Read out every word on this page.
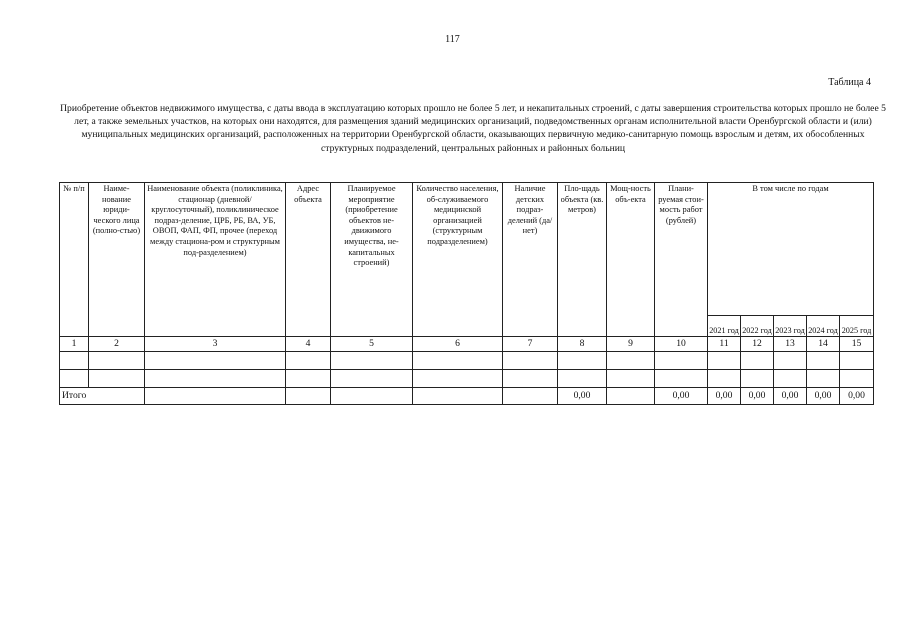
117
Таблица 4
Приобретение объектов недвижимого имущества, с даты ввода в эксплуатацию которых прошло не более 5 лет, и некапитальных строений, с даты завершения строительства которых прошло не более 5 лет, а также земельных участков, на которых они находятся, для размещения зданий медицинских организаций, подведомственных органам исполнительной власти Оренбургской области и (или) муниципальных медицинских организаций, расположенных на территории Оренбургской области, оказывающих первичную медико-санитарную помощь взрослым и детям, их обособленных структурных подразделений, центральных районных и районных больниц
№ п/п	Наиме-нование юриди-ческого лица (полно-стью)	Наименование объекта (поликлиника, стационар (дневной/круглосуточный), поликлиническое подраз-деление, ЦРБ, РБ, ВА, УБ, ОВОП, ФАП, ФП, прочее (переход между стациона-ром и структурным под-разделением)	Адрес объекта	Планируемое мероприятие (приобретение объектов не-движимого имущества, не-капитальных строений)	Количество населения, об-служиваемого медицинской организацией (структурным подразделением)	Наличие детских подраз-делений (да/нет)	Пло-щадь объекта (кв. метров)	Мощ-ность объ-екта	Плани-руемая стои-мость работ (рублей)	В том числе по годам				
										2021 год	2022 год	2023 год	2024 год	2025 год
1	2	3	4	5	6	7	8	9	10	11	12	13	14	15

Итого							0,00		0,00	0,00	0,00	0,00	0,00	0,00
